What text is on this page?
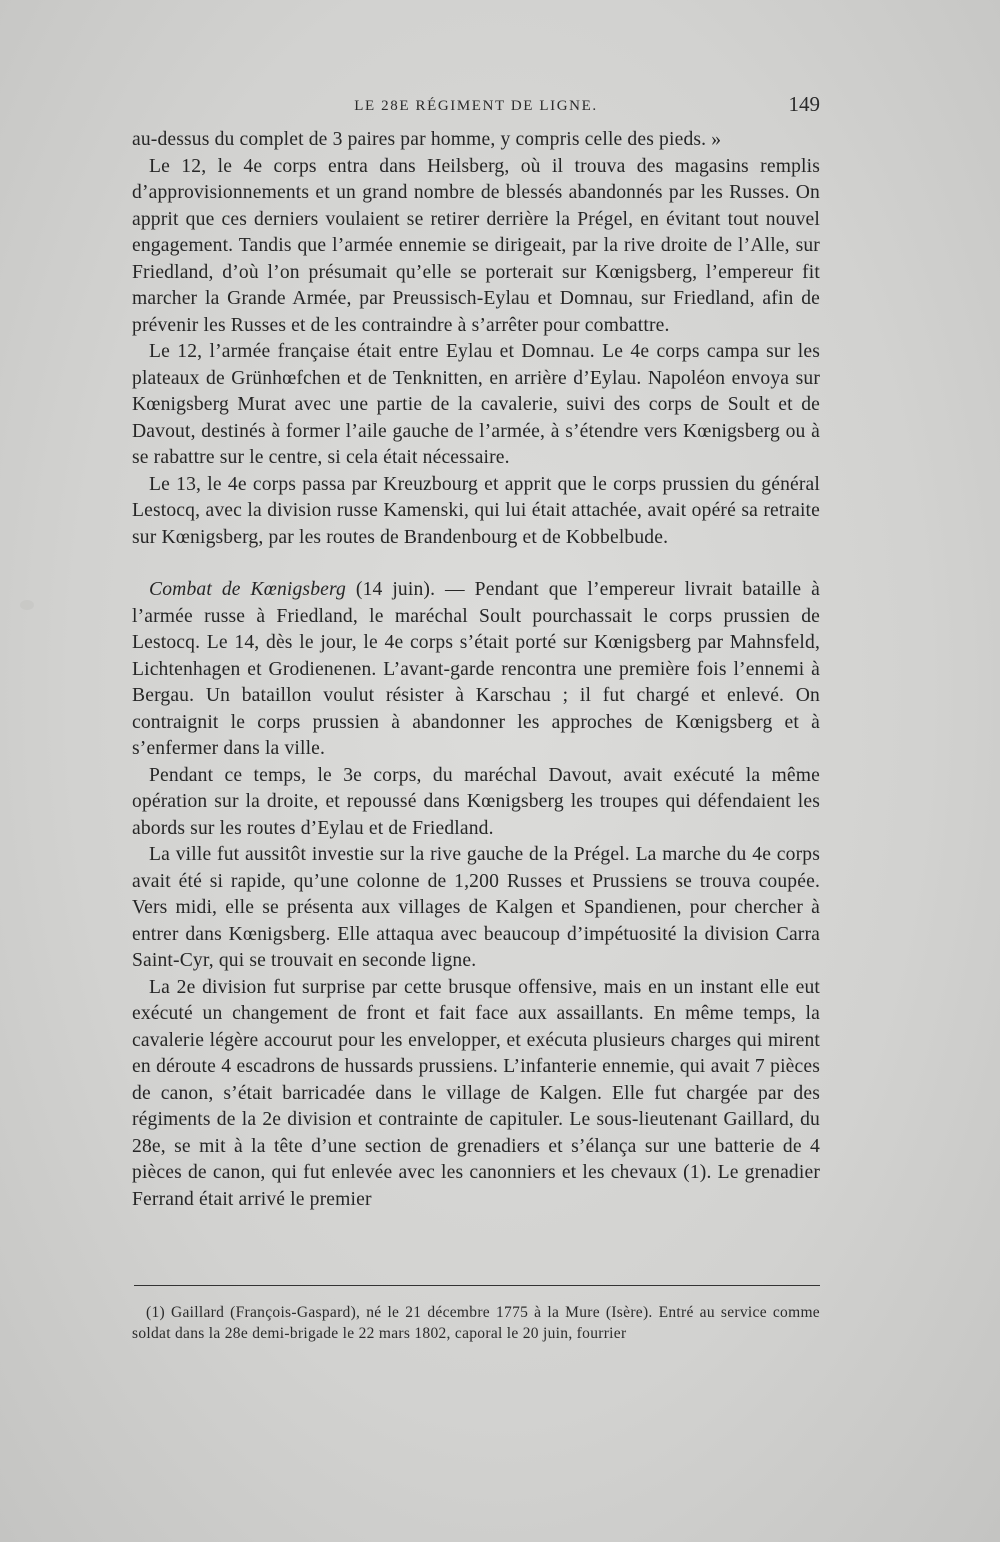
LE 28E RÉGIMENT DE LIGNE.	149

au-dessus du complet de 3 paires par homme, y compris celle des pieds. »

Le 12, le 4e corps entra dans Heilsberg, où il trouva des magasins remplis d’approvisionnements et un grand nombre de blessés abandonnés par les Russes. On apprit que ces derniers voulaient se retirer derrière la Prégel, en évitant tout nouvel engagement. Tandis que l’armée ennemie se dirigeait, par la rive droite de l’Alle, sur Friedland, d’où l’on présumait qu’elle se porterait sur Kœnigsberg, l’empereur fit marcher la Grande Armée, par Preussisch-Eylau et Domnau, sur Friedland, afin de prévenir les Russes et de les contraindre à s’arrêter pour combattre.

Le 12, l’armée française était entre Eylau et Domnau. Le 4e corps campa sur les plateaux de Grünhœfchen et de Tenknitten, en arrière d’Eylau. Napoléon envoya sur Kœnigsberg Murat avec une partie de la cavalerie, suivi des corps de Soult et de Davout, destinés à former l’aile gauche de l’armée, à s’étendre vers Kœnigsberg ou à se rabattre sur le centre, si cela était nécessaire.

Le 13, le 4e corps passa par Kreuzbourg et apprit que le corps prussien du général Lestocq, avec la division russe Kamenski, qui lui était attachée, avait opéré sa retraite sur Kœnigsberg, par les routes de Brandenbourg et de Kobbelbude.

Combat de Kœnigsberg (14 juin). — Pendant que l’empereur livrait bataille à l’armée russe à Friedland, le maréchal Soult pourchassait le corps prussien de Lestocq. Le 14, dès le jour, le 4e corps s’était porté sur Kœnigsberg par Mahnsfeld, Lichtenhagen et Grodienenen. L’avant-garde rencontra une première fois l’ennemi à Bergau. Un bataillon voulut résister à Karschau ; il fut chargé et enlevé. On contraignit le corps prussien à abandonner les approches de Kœnigsberg et à s’enfermer dans la ville.

Pendant ce temps, le 3e corps, du maréchal Davout, avait exécuté la même opération sur la droite, et repoussé dans Kœnigsberg les troupes qui défendaient les abords sur les routes d’Eylau et de Friedland.

La ville fut aussitôt investie sur la rive gauche de la Prégel. La marche du 4e corps avait été si rapide, qu’une colonne de 1,200 Russes et Prussiens se trouva coupée. Vers midi, elle se présenta aux villages de Kalgen et Spandienen, pour chercher à entrer dans Kœnigsberg. Elle attaqua avec beaucoup d’impétuosité la division Carra Saint-Cyr, qui se trouvait en seconde ligne.

La 2e division fut surprise par cette brusque offensive, mais en un instant elle eut exécuté un changement de front et fait face aux assaillants. En même temps, la cavalerie légère accourut pour les envelopper, et exécuta plusieurs charges qui mirent en déroute 4 escadrons de hussards prussiens. L’infanterie ennemie, qui avait 7 pièces de canon, s’était barricadée dans le village de Kalgen. Elle fut chargée par des régiments de la 2e division et contrainte de capituler. Le sous-lieutenant Gaillard, du 28e, se mit à la tête d’une section de grenadiers et s’élança sur une batterie de 4 pièces de canon, qui fut enlevée avec les canonniers et les chevaux (1). Le grenadier Ferrand était arrivé le premier

(1) Gaillard (François-Gaspard), né le 21 décembre 1775 à la Mure (Isère). Entré au service comme soldat dans la 28e demi-brigade le 22 mars 1802, caporal le 20 juin, fourrier
